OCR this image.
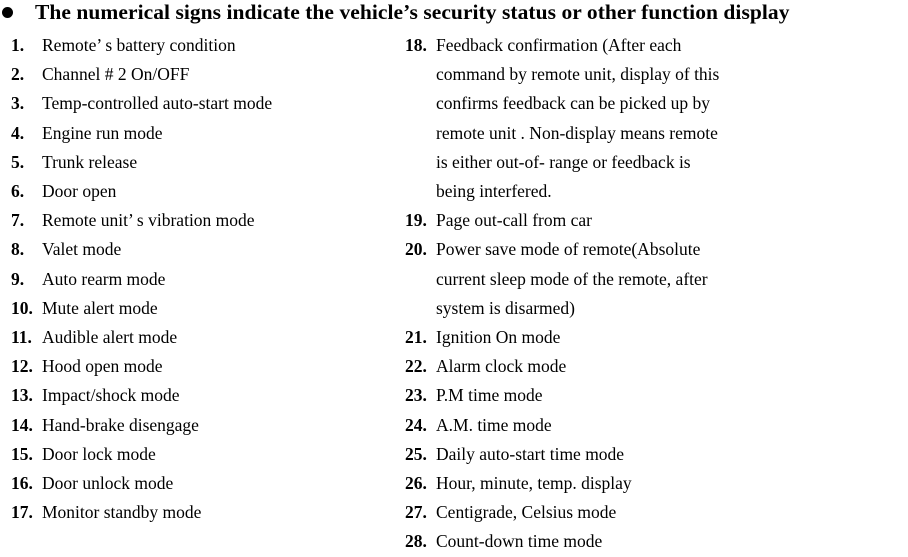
The numerical signs indicate the vehicle’s security status or other function display
1.	Remote’ s battery condition
2.	Channel # 2 On/OFF
3.	Temp-controlled auto-start mode
4.	Engine run mode
5.	Trunk release
6.	Door open
7.	Remote unit’ s vibration mode
8.	Valet mode
9.	Auto rearm mode
10. Mute alert mode
11. Audible alert mode
12. Hood open mode
13. Impact/shock mode
14. Hand-brake disengage
15. Door lock mode
16. Door unlock mode
17. Monitor standby mode
18. Feedback confirmation (After each
command by remote unit, display of this
confirms feedback can be picked up by
remote unit . Non-display means remote
is either out-of- range or feedback is
being interfered.
19. Page out-call from car
20. Power save mode of remote(Absolute
current sleep mode of the remote, after
system is disarmed)
21. Ignition On mode
22. Alarm clock mode
23. P.M time mode
24. A.M. time mode
25. Daily auto-start time mode
26. Hour, minute, temp. display
27. Centigrade, Celsius mode
28. Count-down time mode
